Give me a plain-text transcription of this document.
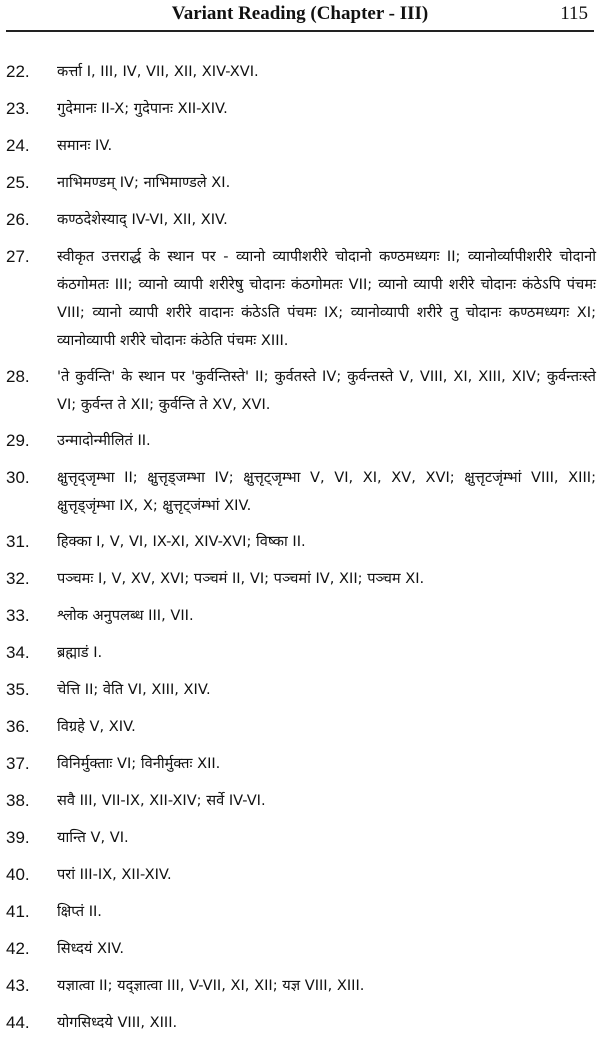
Variant Reading (Chapter - III)	115
22.	कर्त्ता I, III, IV, VII, XII, XIV-XVI.
23.	गुदेमानः II-X; गुदेपानः XII-XIV.
24.	समानः IV.
25.	नाभिमण्डम् IV; नाभिमाण्डले XI.
26.	कण्ठदेशेस्याद् IV-VI, XII, XIV.
27.	स्वीकृत उत्तरार्द्ध के स्थान पर - व्यानो व्यापीशरीरे चोदानो कण्ठमध्यगः II; व्यानोर्व्यापीशरीरे चोदानो कंठगोमतः III; व्यानो व्यापी शरीरेषु चोदानः कंठगोमतः VII; व्यानो व्यापी शरीरे चोदानः कंठेऽपि पंचमः VIII; व्यानो व्यापी शरीरे वादानः कंठेऽति पंचमः IX; व्यानोव्यापी शरीरे तु चोदानः कण्ठमध्यगः XI; व्यानोव्यापी शरीरे चोदानः कंठेति पंचमः XIII.
28.	'ते कुर्वन्ति' के स्थान पर 'कुर्वन्तिस्ते' II; कुर्वतस्ते IV; कुर्वन्तस्ते V, VIII, XI, XIII, XIV; कुर्वन्तःस्ते VI; कुर्वन्त ते XII; कुर्वन्ति ते XV, XVI.
29.	उन्मादोन्मीलितं II.
30.	क्षुत्तृद्जृम्भा II; क्षुत्तृड्जम्भा IV; क्षुत्तृट्जृम्भा V, VI, XI, XV, XVI; क्षुत्तृटजृंम्भां VIII, XIII; क्षुत्तृड्जृंम्भा IX, X; क्षुत्तृट्जंम्भां XIV.
31.	हिक्का I, V, VI, IX-XI, XIV-XVI; विष्का II.
32.	पञ्चमः I, V, XV, XVI; पञ्चमं II, VI; पञ्चमां IV, XII; पञ्चम XI.
33.	श्लोक अनुपलब्ध III, VII.
34.	ब्रह्माडं I.
35.	चेत्ति II; वेति VI, XIII, XIV.
36.	विग्रहे V, XIV.
37.	विनिर्मुक्ताः VI; विनीर्मुक्तः XII.
38.	सवै III, VII-IX, XII-XIV; सर्वे IV-VI.
39.	यान्ति V, VI.
40.	परां III-IX, XII-XIV.
41.	क्षिप्तं II.
42.	सिध्दयं XIV.
43.	यज्ञात्वा II; यद्ज्ञात्वा III, V-VII, XI, XII; यज्ञ VIII, XIII.
44.	योगसिध्दये VIII, XIII.
